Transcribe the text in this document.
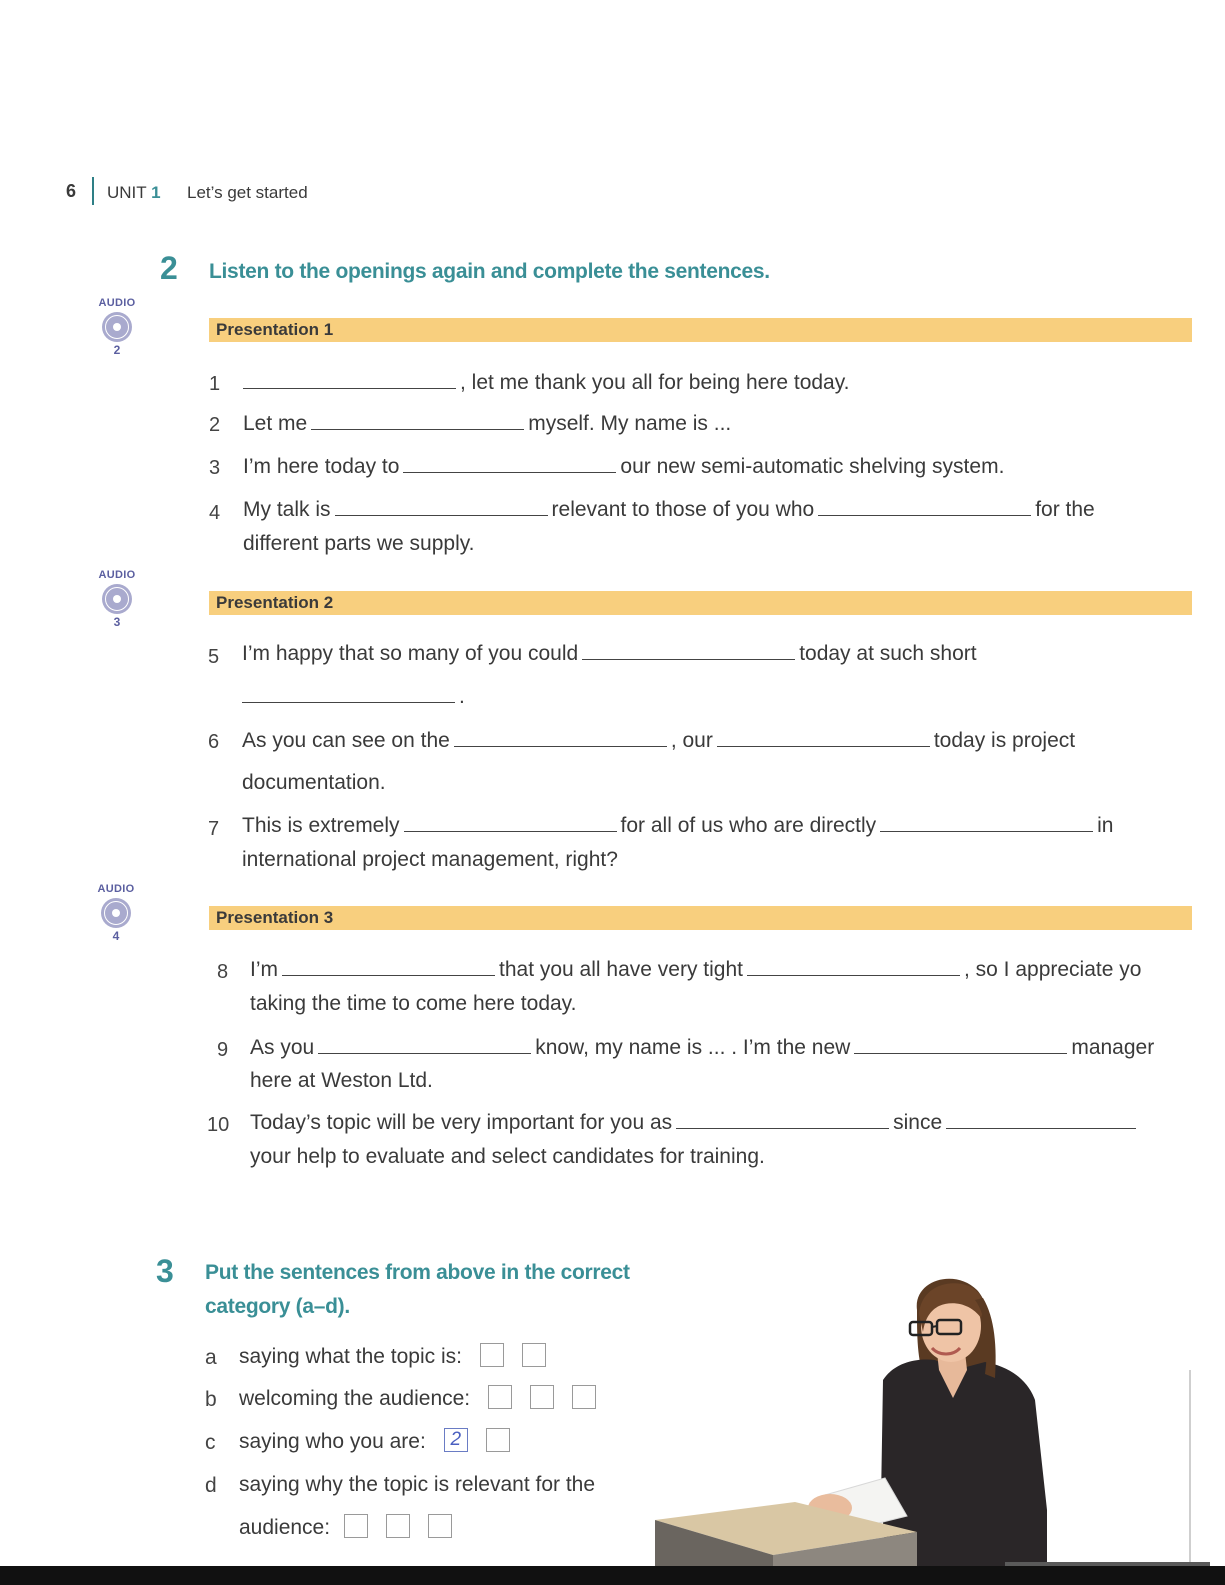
6 UNIT 1 Let’s get started
2 Listen to the openings again and complete the sentences.
AUDIO
2
AUDIO
3
AUDIO
4
Presentation 1
Presentation 2
Presentation 3
1	, let me thank you all for being here today.
2 Let me	myself. My name is ...
3 I’m here today to	our new semi-automatic shelving system.
4 My talk is	relevant to those of you who	for the
different parts we supply.
5 I’m happy that so many of you could	today at such short
.
6 As you can see on the	, our	today is project
documentation.
7 This is extremely	for all of us who are directly	in
international project management, right?
8 I’m	that you all have very tight	, so I appreciate yo
taking the time to come here today.
9 As you	know, my name is ... . I’m the new	manager
here at Weston Ltd.
10 Today’s topic will be very important for you as	since
your help to evaluate and select candidates for training.
3 Put the sentences from above in the correct
category (a–d).
a saying what the topic is:
b welcoming the audience:
c saying who you are: 2
d saying why the topic is relevant for the
audience:
